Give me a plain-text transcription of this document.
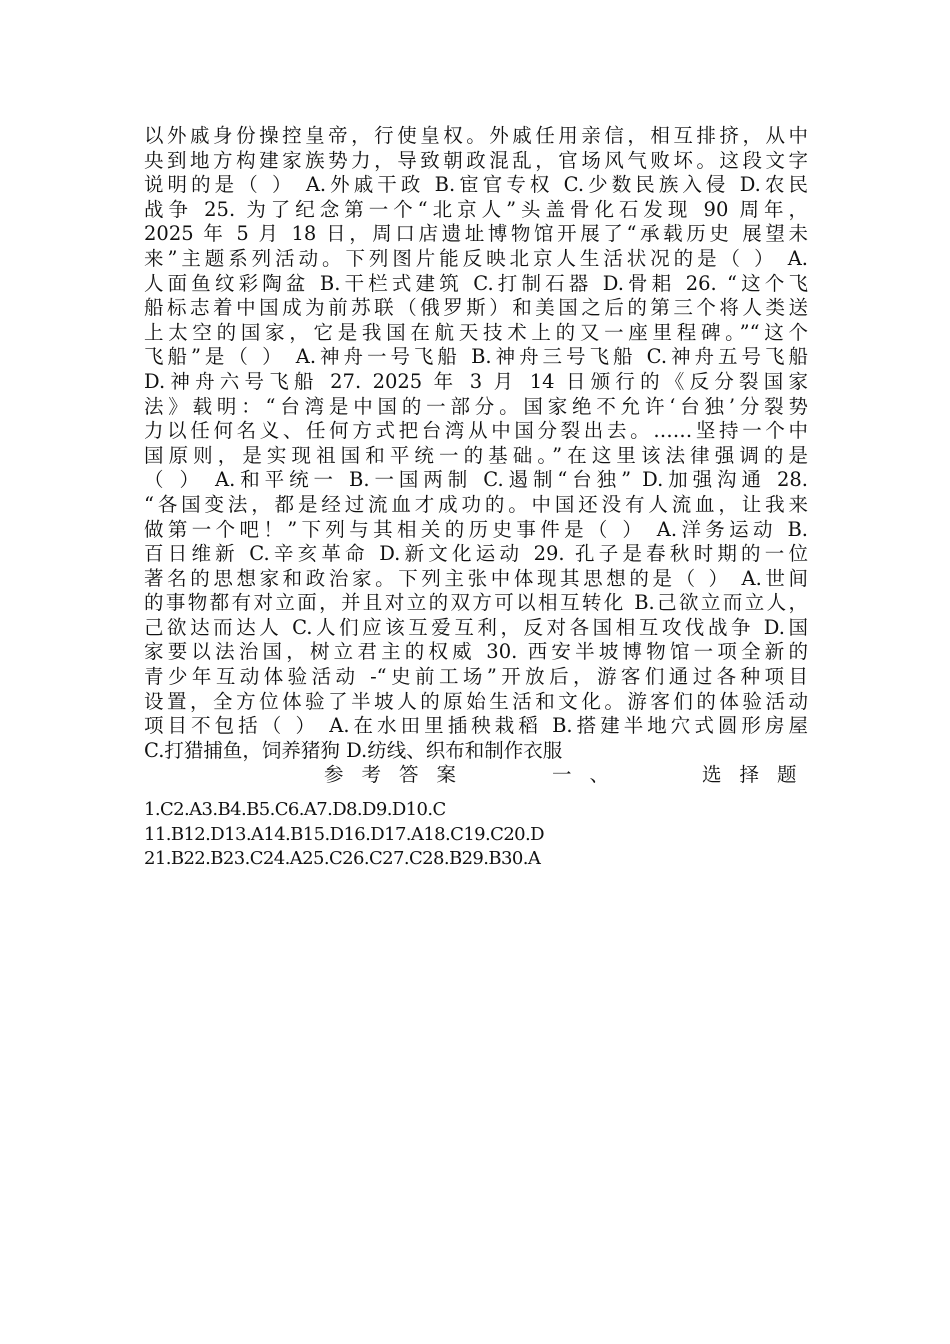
以外戚身份操控皇帝，行使皇权。外戚任用亲信，相互排挤，从中
央到地方构建家族势力，导致朝政混乱，官场风气败坏。这段文字
说明的是（ ） A.外戚干政 B.宦官专权 C.少数民族入侵 D.农民
战争 25. 为了纪念第一个“北京人”头盖骨化石发现 90 周年，
2025 年 5 月 18 日，周口店遗址博物馆开展了“承载历史 展望未
来”主题系列活动。下列图片能反映北京人生活状况的是（ ） A.
人面鱼纹彩陶盆 B.干栏式建筑 C.打制石器 D.骨耜 26. “这个飞
船标志着中国成为前苏联（俄罗斯）和美国之后的第三个将人类送
上太空的国家，它是我国在航天技术上的又一座里程碑。”“这个
飞船”是（ ） A.神舟一号飞船 B.神舟三号飞船 C.神舟五号飞船
D.神舟六号飞船 27. 2025 年 3 月 14 日颁行的《反分裂国家
法》载明：“台湾是中国的一部分。国家绝不允许‘台独’分裂势
力以任何名义、任何方式把台湾从中国分裂出去。……坚持一个中
国原则，是实现祖国和平统一的基础。”在这里该法律强调的是
（ ） A.和平统一 B.一国两制 C.遏制“台独” D.加强沟通 28.
“各国变法，都是经过流血才成功的。中国还没有人流血，让我来
做第一个吧！”下列与其相关的历史事件是（ ） A.洋务运动 B.
百日维新 C.辛亥革命 D.新文化运动 29. 孔子是春秋时期的一位
著名的思想家和政治家。下列主张中体现其思想的是（ ） A.世间
的事物都有对立面，并且对立的双方可以相互转化 B.己欲立而立人，
己欲达而达人 C.人们应该互爱互利，反对各国相互攻伐战争 D.国
家要以法治国，树立君主的权威 30. 西安半坡博物馆一项全新的
青少年互动体验活动 -“史前工场”开放后，游客们通过各种项目
设置，全方位体验了半坡人的原始生活和文化。游客们的体验活动
项目不包括（ ） A.在水田里插秧栽稻 B.搭建半地穴式圆形房屋
C.打猎捕鱼，饲养猪狗 D.纺线、织布和制作衣服
参考答案	一、	选择题
1.C2.A3.B4.B5.C6.A7.D8.D9.D10.C
11.B12.D13.A14.B15.D16.D17.A18.C19.C20.D
21.B22.B23.C24.A25.C26.C27.C28.B29.B30.A
